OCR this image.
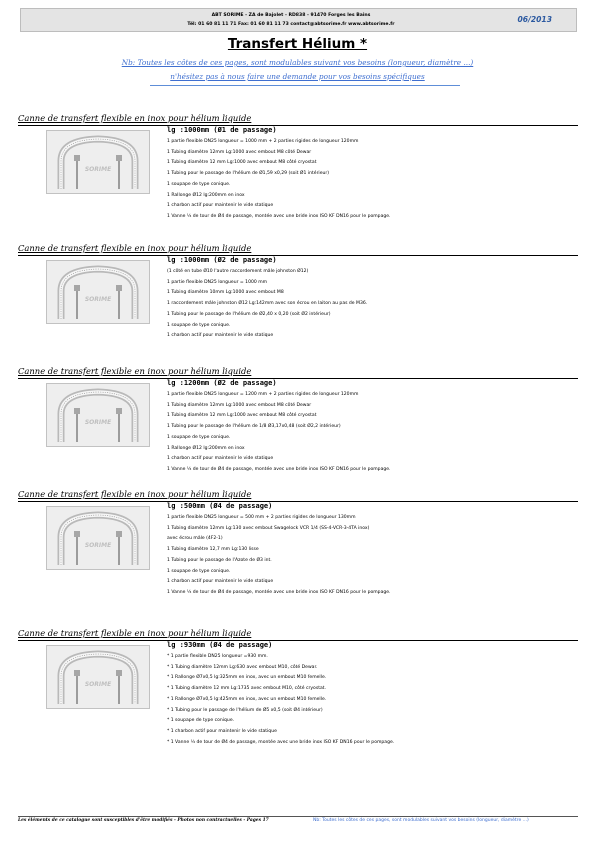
ABT SORIME - ZA de Bajolet - RD838 - 91470 Forges les Bains
Tél: 01 60 81 11 71 Fax: 01 60 81 11 73 contact@abtsorime.fr www.abtsorime.fr
06/2013
Transfert Hélium *
Nb: Toutes les côtes de ces pages, sont modulables suivant vos besoins (longueur, diamètre ...)
n'hésitez pas à nous faire une demande pour vos besoins spécifiques
Canne de transfert flexible en inox pour hélium liquide
SORIME
lg :1000mm (Ø1 de passage)
1 partie flexible DN25 longueur = 1000 mm + 2 parties rigides de longueur 120mm
1 Tubing diamètre 12mm Lg:1000 avec embout M8 côté Dewar
1 Tubing diamètre 12 mm Lg:1000 avec embout M8 côté cryostat
1 Tubing pour le passage de l'hélium de Ø1,59 x0,29 (soit Ø1 intérieur)
1 soupape de type conique.
1 Rallonge Ø12 lg:200mm en inox
1 charbon actif pour maintenir le vide statique
1 Vanne ¼ de tour de Ø4 de passage, montée avec une bride inox ISO KF DN16 pour le pompage.
Canne de transfert flexible en inox pour hélium liquide
SORIME
lg :1000mm (Ø2 de passage)
(1 côté en tube Ø10 l'autre raccordement mâle johnston Ø12)
1 partie flexible DN25 longueur = 1000 mm
1 Tubing diamètre 10mm Lg:1000 avec embout M8
1 raccordement mâle johnston Ø12 Lg:142mm avec son écrou en laiton au pas de M36.
1 Tubing pour le passage de l'hélium de Ø2,40 x 0,20 (soit Ø2 intérieur)
1 soupape de type conique.
1 charbon actif pour maintenir le vide statique
Canne de transfert flexible en inox pour hélium liquide
SORIME
lg :1200mm (Ø2 de passage)
1 partie flexible DN25 longueur = 1200 mm + 2 parties rigides de longueur 120mm
1 Tubing diamètre 12mm Lg:1000 avec embout M8 côté Dewar
1 Tubing diamètre 12 mm Lg:1000 avec embout M8 côté cryostat
1 Tubing pour le passage de l'hélium de 1/8 Ø3,17x0,48 (soit Ø2,2 intérieur)
1 soupape de type conique.
1 Rallonge Ø12 lg:200mm en inox
1 charbon actif pour maintenir le vide statique
1 Vanne ¼ de tour de Ø4 de passage, montée avec une bride inox ISO KF DN16 pour le pompage.
Canne de transfert flexible en inox pour hélium liquide
SORIME
lg :500mm (Ø4 de passage)
1 partie flexible DN25 longueur = 500 mm + 2 parties rigides de longueur 130mm
1 Tubing diamètre 12mm Lg:130 avec embout Swagelock VCR 1/4 (SS-4-VCR-3-4TA inox)
avec écrou mâle (4F2-1)
1 Tubing diamètre 12,7 mm Lg:130 lisse
1 Tubing pour le passage de l'Azote de Ø3 int.
1 soupape de type conique.
1 charbon actif pour maintenir le vide statique
1 Vanne ¼ de tour de Ø4 de passage, montée avec une bride inox ISO KF DN16 pour le pompage.
Canne de transfert flexible en inox pour hélium liquide
SORIME
lg :930mm (Ø4 de passage)
* 1 partie flexible DN25 longueur =930 mm.
* 1 Tubing diamètre 12mm Lg:630 avec embout M10, côté Dewar.
* 1 Rallonge Ø7x0,5 lg:325mm en inox, avec un embout M10 femelle.
* 1 Tubing diamètre 12 mm Lg:1735 avec embout M10, côté cryostat.
* 1 Rallonge Ø7x0,5 lg:425mm en inox, avec un embout M10 femelle.
* 1 Tubing pour le passage de l'hélium de Ø5 x0,5 (soit Ø4 intérieur)
* 1 soupape de type conique.
* 1 charbon actif pour maintenir le vide statique
* 1 Vanne ¼ de tour de Ø4 de passage, montée avec une bride inox ISO KF DN16 pour le pompage.
Les éléments de ce catalogue sont susceptibles d'être modifiés - Photos non contractuelles - Pages 17	Nb: Toutes les côtes de ces pages, sont modulables suivant vos besoins (longueur, diamètre ...)
